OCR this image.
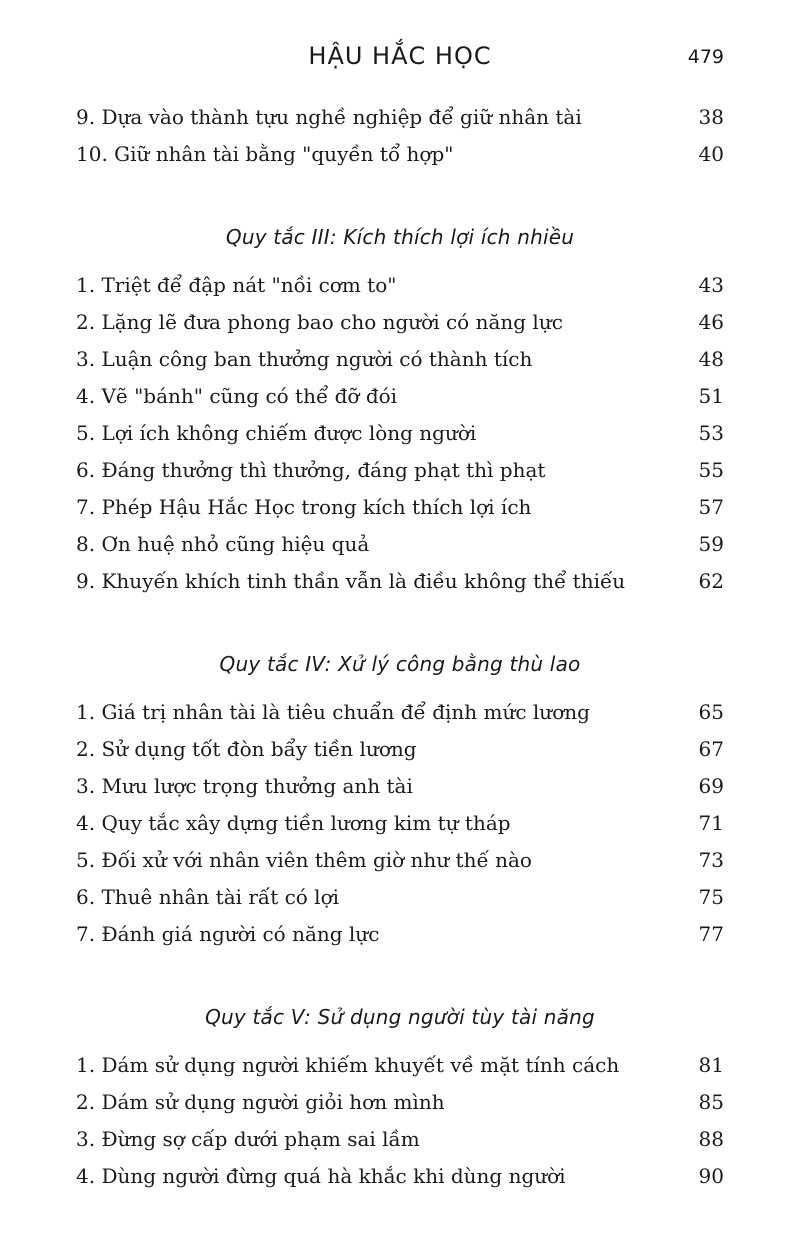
HẬU HẮC HỌC	479
9. Dựa vào thành tựu nghề nghiệp để giữ nhân tài	38
10. Giữ nhân tài bằng "quyền tổ hợp"	40
Quy tắc III: Kích thích lợi ích nhiều
1. Triệt để đập nát "nồi cơm to"	43
2. Lặng lẽ đưa phong bao cho người có năng lực	46
3. Luận công ban thưởng người có thành tích	48
4. Vẽ "bánh" cũng có thể đỡ đói	51
5. Lợi ích không chiếm được lòng người	53
6. Đáng thưởng thì thưởng, đáng phạt thì phạt	55
7. Phép Hậu Hắc Học trong kích thích lợi ích	57
8. Ơn huệ nhỏ cũng hiệu quả	59
9. Khuyến khích tinh thần vẫn là điều không thể thiếu	62
Quy tắc IV: Xử lý công bằng thù lao
1. Giá trị nhân tài là tiêu chuẩn để định mức lương	65
2. Sử dụng tốt đòn bẩy tiền lương	67
3. Mưu lược trọng thưởng anh tài	69
4. Quy tắc xây dựng tiền lương kim tự tháp	71
5. Đối xử với nhân viên thêm giờ như thế nào	73
6. Thuê nhân tài rất có lợi	75
7. Đánh giá người có năng lực	77
Quy tắc V: Sử dụng người tùy tài năng
1. Dám sử dụng người khiếm khuyết về mặt tính cách	81
2. Dám sử dụng người giỏi hơn mình	85
3. Đừng sợ cấp dưới phạm sai lầm	88
4. Dùng người đừng quá hà khắc khi dùng người	90
